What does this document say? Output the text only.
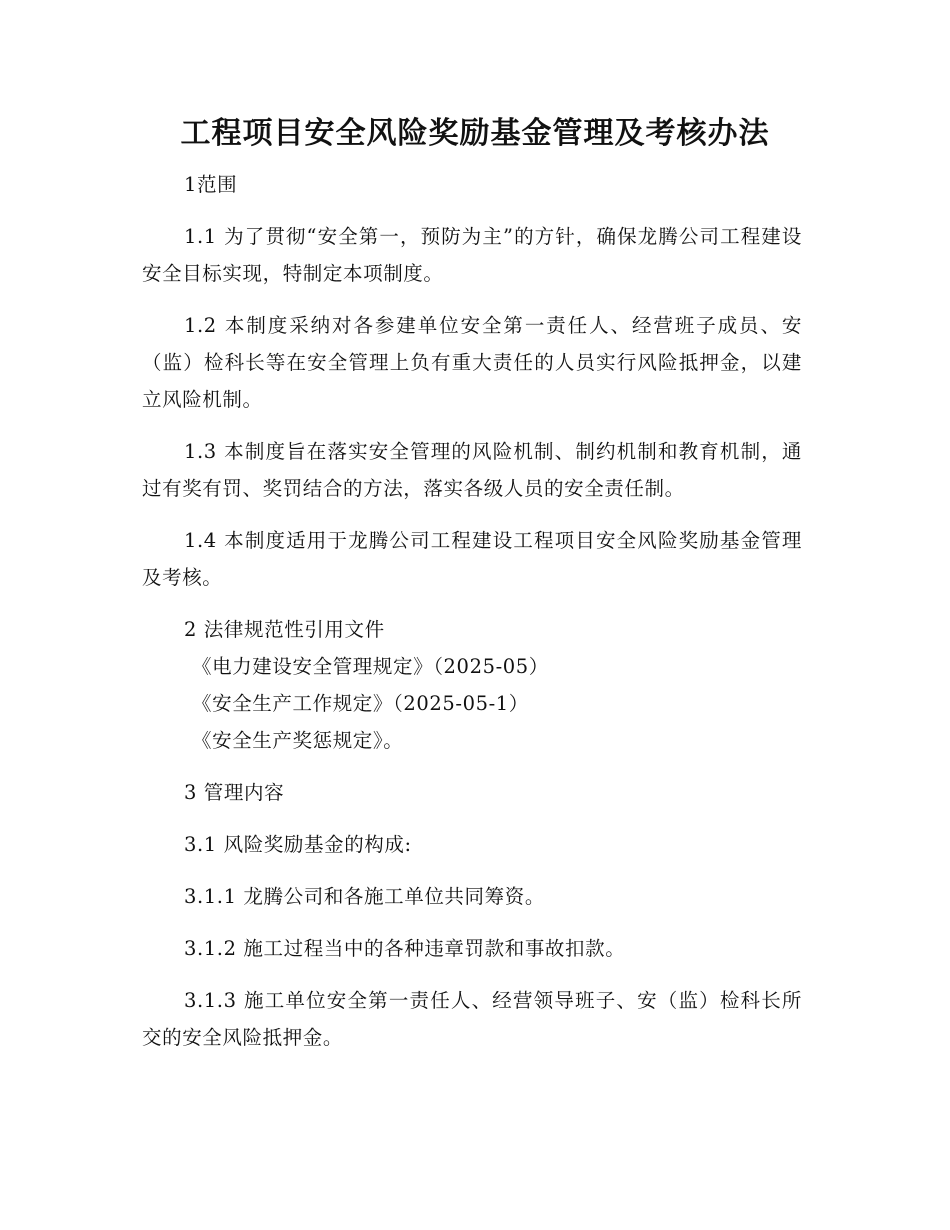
工程项目安全风险奖励基金管理及考核办法

1范围

1.1 为了贯彻“安全第一，预防为主”的方针，确保龙腾公司工程建设安全目标实现，特制定本项制度。

1.2 本制度采纳对各参建单位安全第一责任人、经营班子成员、安（监）检科长等在安全管理上负有重大责任的人员实行风险抵押金，以建立风险机制。

1.3 本制度旨在落实安全管理的风险机制、制约机制和教育机制，通过有奖有罚、奖罚结合的方法，落实各级人员的安全责任制。

1.4 本制度适用于龙腾公司工程建设工程项目安全风险奖励基金管理及考核。

2 法律规范性引用文件

《电力建设安全管理规定》（2025-05）

《安全生产工作规定》（2025-05-1）

《安全生产奖惩规定》。

3 管理内容

3.1 风险奖励基金的构成:

3.1.1 龙腾公司和各施工单位共同筹资。

3.1.2 施工过程当中的各种违章罚款和事故扣款。

3.1.3 施工单位安全第一责任人、经营领导班子、安（监）检科长所交的安全风险抵押金。
